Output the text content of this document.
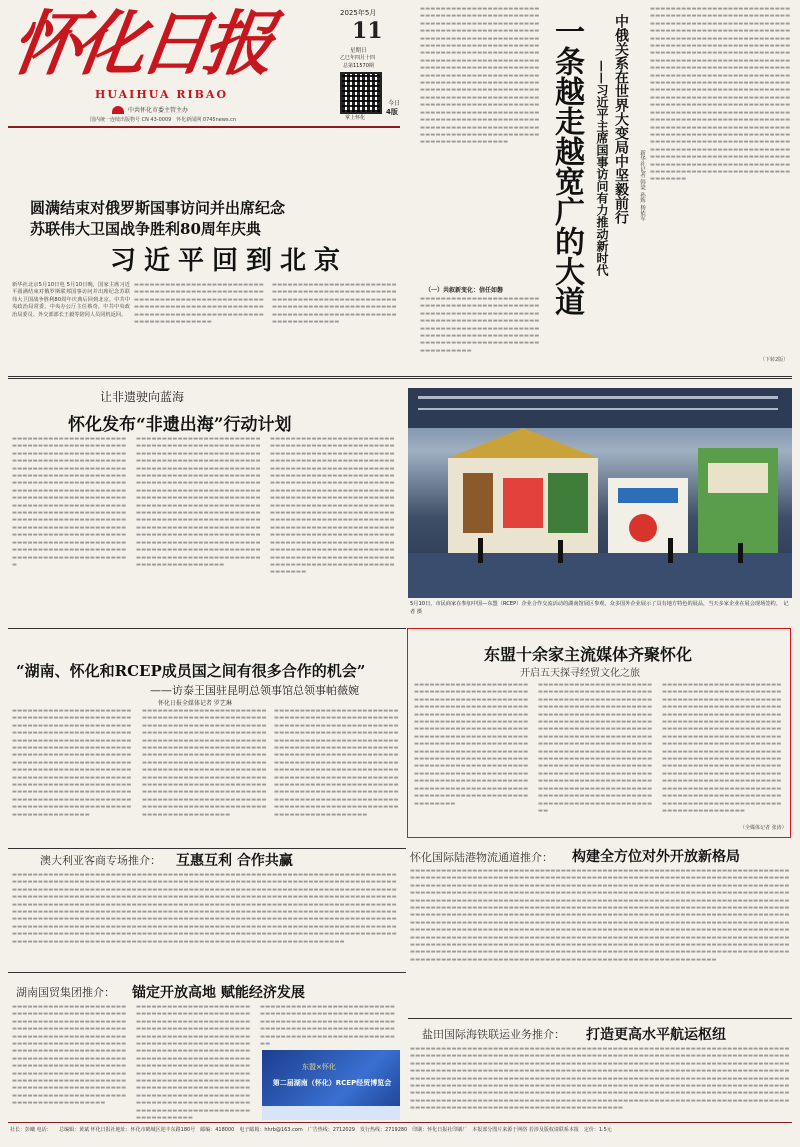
怀化日报
HUAIHUA RIBAO
中共怀化市委主管主办
国内统一连续出版物号 CN 43-0009　怀化新闻网 0745news.cn
2025年5月
11
星期日
乙巳年四月十四
总第11570期
掌上怀化
今日
4版
▬▬▬▬▬▬▬▬▬▬▬▬▬▬▬▬▬▬▬▬▬▬▬▬▬▬▬▬▬▬▬▬▬▬▬▬▬▬▬▬▬▬▬▬▬▬▬▬▬▬▬▬▬▬▬▬▬▬▬▬▬▬▬▬▬▬▬▬▬▬▬▬▬▬▬▬▬▬▬▬▬▬▬▬▬▬▬▬▬▬▬▬▬▬▬▬▬▬▬▬▬▬▬▬▬▬▬▬▬▬▬▬▬▬▬▬▬▬▬▬▬▬▬▬▬▬▬▬▬▬▬▬▬▬▬▬▬▬▬▬▬▬▬▬▬▬▬▬▬▬▬▬▬▬▬▬▬▬▬▬▬▬▬▬▬▬▬▬▬▬▬▬▬▬▬▬▬▬▬▬▬▬▬▬▬▬▬▬▬▬▬▬▬▬▬▬▬▬▬▬▬▬▬▬▬▬▬▬▬▬▬▬▬▬▬▬▬▬▬▬▬▬▬▬▬▬▬▬▬▬▬▬▬▬▬▬▬▬▬▬▬▬▬▬▬▬▬▬▬▬▬▬▬▬▬▬▬▬▬▬▬▬▬▬▬▬▬▬▬▬▬▬▬▬▬▬▬▬▬▬▬▬▬▬▬▬▬▬▬▬▬▬▬▬▬▬▬▬▬▬▬▬▬▬▬▬▬▬▬▬▬▬▬▬▬▬▬▬▬▬▬▬▬▬▬▬▬▬▬▬▬▬▬▬▬▬▬▬▬▬▬▬▬▬▬▬▬▬▬▬▬▬▬▬▬▬▬▬▬▬▬▬▬▬▬▬▬▬▬▬▬▬▬▬▬▬▬▬▬▬▬▬▬▬▬▬▬▬▬▬▬▬▬▬▬▬▬▬▬▬▬▬▬▬▬▬▬▬▬▬▬▬▬▬▬▬▬▬▬▬▬▬▬▬▬▬▬▬▬▬▬
（一）共叙新变化：信任如磐
▬▬▬▬▬▬▬▬▬▬▬▬▬▬▬▬▬▬▬▬▬▬▬▬▬▬▬▬▬▬▬▬▬▬▬▬▬▬▬▬▬▬▬▬▬▬▬▬▬▬▬▬▬▬▬▬▬▬▬▬▬▬▬▬▬▬▬▬▬▬▬▬▬▬▬▬▬▬▬▬▬▬▬▬▬▬▬▬▬▬▬▬▬▬▬▬▬▬▬▬▬▬▬▬▬▬▬▬▬▬▬▬▬▬▬▬▬▬▬▬▬▬▬▬▬▬▬▬▬▬▬▬▬▬▬▬▬▬▬▬▬▬▬▬▬▬▬▬▬▬▬▬▬▬▬▬▬▬▬▬▬▬▬▬▬▬▬▬▬▬▬
一条越走越宽广的大道 中俄关系在世界大变局中坚毅前行
——习近平主席国事访问有力推动新时代	新华社记者 韩梁 孙辉 杨依军
▬▬▬▬▬▬▬▬▬▬▬▬▬▬▬▬▬▬▬▬▬▬▬▬▬▬▬▬▬▬▬▬▬▬▬▬▬▬▬▬▬▬▬▬▬▬▬▬▬▬▬▬▬▬▬▬▬▬▬▬▬▬▬▬▬▬▬▬▬▬▬▬▬▬▬▬▬▬▬▬▬▬▬▬▬▬▬▬▬▬▬▬▬▬▬▬▬▬▬▬▬▬▬▬▬▬▬▬▬▬▬▬▬▬▬▬▬▬▬▬▬▬▬▬▬▬▬▬▬▬▬▬▬▬▬▬▬▬▬▬▬▬▬▬▬▬▬▬▬▬▬▬▬▬▬▬▬▬▬▬▬▬▬▬▬▬▬▬▬▬▬▬▬▬▬▬▬▬▬▬▬▬▬▬▬▬▬▬▬▬▬▬▬▬▬▬▬▬▬▬▬▬▬▬▬▬▬▬▬▬▬▬▬▬▬▬▬▬▬▬▬▬▬▬▬▬▬▬▬▬▬▬▬▬▬▬▬▬▬▬▬▬▬▬▬▬▬▬▬▬▬▬▬▬▬▬▬▬▬▬▬▬▬▬▬▬▬▬▬▬▬▬▬▬▬▬▬▬▬▬▬▬▬▬▬▬▬▬▬▬▬▬▬▬▬▬▬▬▬▬▬▬▬▬▬▬▬▬▬▬▬▬▬▬▬▬▬▬▬▬▬▬▬▬▬▬▬▬▬▬▬▬▬▬▬▬▬▬▬▬▬▬▬▬▬▬▬▬▬▬▬▬▬▬▬▬▬▬▬▬▬▬▬▬▬▬▬▬▬▬▬▬▬▬▬▬▬▬▬▬▬▬▬▬▬▬▬▬▬▬▬▬▬▬▬▬▬▬▬▬▬▬▬▬▬▬▬▬▬▬▬▬▬▬▬▬▬▬▬▬▬▬▬▬▬▬▬▬▬▬▬▬▬▬▬▬▬▬▬▬▬▬▬▬▬▬▬▬▬▬▬▬▬▬▬▬▬▬▬▬▬▬▬▬▬▬▬▬▬▬▬▬▬▬▬▬▬▬▬▬▬▬▬▬▬▬▬▬▬▬▬▬▬▬▬▬▬▬▬▬▬▬▬▬▬▬▬▬▬▬▬▬▬▬▬▬▬▬▬▬▬▬▬▬▬▬▬▬▬▬▬▬▬▬▬▬▬▬▬▬▬▬▬▬▬▬▬▬▬▬▬▬▬▬▬▬▬▬▬▬▬▬▬▬▬▬▬▬▬▬▬▬▬▬▬▬▬▬▬▬▬▬▬▬▬▬▬▬▬▬▬▬▬▬▬▬▬▬▬▬▬▬▬▬▬▬▬▬▬▬▬▬▬▬▬▬▬▬▬▬▬▬▬▬▬▬▬▬
（下转2版）
圆满结束对俄罗斯国事访问并出席纪念
苏联伟大卫国战争胜利80周年庆典
习近平回到北京
新华社北京5月10日电 5月10日晚，国家主席习近平圆满结束对俄罗斯联邦国事访问并出席纪念苏联伟大卫国战争胜利80周年庆典后回到北京。中共中央政治局常委、中央办公厅主任蔡奇，中共中央政治局委员、外交部部长王毅等陪同人员同机返回。
▬▬▬▬▬▬▬▬▬▬▬▬▬▬▬▬▬▬▬▬▬▬▬▬▬▬▬▬▬▬▬▬▬▬▬▬▬▬▬▬▬▬▬▬▬▬▬▬▬▬▬▬▬▬▬▬▬▬▬▬▬▬▬▬▬▬▬▬▬▬▬▬▬▬▬▬▬▬▬▬▬▬▬▬▬▬▬▬▬▬▬▬▬▬▬▬▬▬▬▬▬▬▬▬▬▬▬▬▬▬▬▬▬▬▬▬▬▬▬▬▬▬▬▬▬▬▬▬▬▬▬▬▬▬▬▬▬▬▬▬
▬▬▬▬▬▬▬▬▬▬▬▬▬▬▬▬▬▬▬▬▬▬▬▬▬▬▬▬▬▬▬▬▬▬▬▬▬▬▬▬▬▬▬▬▬▬▬▬▬▬▬▬▬▬▬▬▬▬▬▬▬▬▬▬▬▬▬▬▬▬▬▬▬▬▬▬▬▬▬▬▬▬▬▬▬▬▬▬▬▬▬▬▬▬▬▬▬▬▬▬▬▬▬▬▬▬▬▬▬▬▬▬▬▬▬▬▬▬▬▬▬▬▬▬▬▬▬▬▬▬▬▬▬
让非遗驶向蓝海
怀化发布“非遗出海”行动计划
▬▬▬▬▬▬▬▬▬▬▬▬▬▬▬▬▬▬▬▬▬▬▬▬▬▬▬▬▬▬▬▬▬▬▬▬▬▬▬▬▬▬▬▬▬▬▬▬▬▬▬▬▬▬▬▬▬▬▬▬▬▬▬▬▬▬▬▬▬▬▬▬▬▬▬▬▬▬▬▬▬▬▬▬▬▬▬▬▬▬▬▬▬▬▬▬▬▬▬▬▬▬▬▬▬▬▬▬▬▬▬▬▬▬▬▬▬▬▬▬▬▬▬▬▬▬▬▬▬▬▬▬▬▬▬▬▬▬▬▬▬▬▬▬▬▬▬▬▬▬▬▬▬▬▬▬▬▬▬▬▬▬▬▬▬▬▬▬▬▬▬▬▬▬▬▬▬▬▬▬▬▬▬▬▬▬▬▬▬▬▬▬▬▬▬▬▬▬▬▬▬▬▬▬▬▬▬▬▬▬▬▬▬▬▬▬▬▬▬▬▬▬▬▬▬▬▬▬▬▬▬▬▬▬▬▬▬▬▬▬▬▬▬▬▬▬▬▬▬▬▬▬▬▬▬▬▬▬▬▬▬▬▬▬▬▬▬▬▬▬▬▬▬▬▬▬▬▬▬▬▬▬▬▬▬▬▬▬▬▬▬▬▬▬▬▬▬▬▬▬▬▬▬▬▬▬▬▬▬▬▬▬▬▬▬▬▬▬▬▬▬▬▬▬▬▬▬▬▬▬▬▬▬▬▬▬▬▬▬▬▬▬▬▬▬▬▬▬▬▬▬▬▬▬▬▬▬▬▬▬▬▬▬▬▬▬▬▬▬▬▬▬▬▬▬
▬▬▬▬▬▬▬▬▬▬▬▬▬▬▬▬▬▬▬▬▬▬▬▬▬▬▬▬▬▬▬▬▬▬▬▬▬▬▬▬▬▬▬▬▬▬▬▬▬▬▬▬▬▬▬▬▬▬▬▬▬▬▬▬▬▬▬▬▬▬▬▬▬▬▬▬▬▬▬▬▬▬▬▬▬▬▬▬▬▬▬▬▬▬▬▬▬▬▬▬▬▬▬▬▬▬▬▬▬▬▬▬▬▬▬▬▬▬▬▬▬▬▬▬▬▬▬▬▬▬▬▬▬▬▬▬▬▬▬▬▬▬▬▬▬▬▬▬▬▬▬▬▬▬▬▬▬▬▬▬▬▬▬▬▬▬▬▬▬▬▬▬▬▬▬▬▬▬▬▬▬▬▬▬▬▬▬▬▬▬▬▬▬▬▬▬▬▬▬▬▬▬▬▬▬▬▬▬▬▬▬▬▬▬▬▬▬▬▬▬▬▬▬▬▬▬▬▬▬▬▬▬▬▬▬▬▬▬▬▬▬▬▬▬▬▬▬▬▬▬▬▬▬▬▬▬▬▬▬▬▬▬▬▬▬▬▬▬▬▬▬▬▬▬▬▬▬▬▬▬▬▬▬▬▬▬▬▬▬▬▬▬▬▬▬▬▬▬▬▬▬▬▬▬▬▬▬▬▬▬▬▬▬▬▬▬▬▬▬▬▬▬▬▬▬▬▬▬▬▬▬▬▬▬▬▬▬▬▬▬▬▬▬▬▬▬▬▬▬▬▬▬▬▬▬▬▬▬▬▬▬▬▬▬▬▬▬▬▬▬▬▬▬▬▬▬▬▬▬▬▬▬▬▬▬▬▬▬▬▬▬▬▬▬▬▬▬▬▬▬▬▬▬▬▬▬▬▬▬▬▬▬▬▬▬▬▬▬▬▬▬▬▬▬▬
▬▬▬▬▬▬▬▬▬▬▬▬▬▬▬▬▬▬▬▬▬▬▬▬▬▬▬▬▬▬▬▬▬▬▬▬▬▬▬▬▬▬▬▬▬▬▬▬▬▬▬▬▬▬▬▬▬▬▬▬▬▬▬▬▬▬▬▬▬▬▬▬▬▬▬▬▬▬▬▬▬▬▬▬▬▬▬▬▬▬▬▬▬▬▬▬▬▬▬▬▬▬▬▬▬▬▬▬▬▬▬▬▬▬▬▬▬▬▬▬▬▬▬▬▬▬▬▬▬▬▬▬▬▬▬▬▬▬▬▬▬▬▬▬▬▬▬▬▬▬▬▬▬▬▬▬▬▬▬▬▬▬▬▬▬▬▬▬▬▬▬▬▬▬▬▬▬▬▬▬▬▬▬▬▬▬▬▬▬▬▬▬▬▬▬▬▬▬▬▬▬▬▬▬▬▬▬▬▬▬▬▬▬▬▬▬▬▬▬▬▬▬▬▬▬▬▬▬▬▬▬▬▬▬▬▬▬▬▬▬▬▬▬▬▬▬▬▬▬▬▬▬▬▬▬▬▬▬▬▬▬▬▬▬▬▬▬▬▬▬▬▬▬▬▬▬▬▬▬▬▬▬▬▬▬▬▬▬▬▬▬▬▬▬▬▬▬▬▬▬▬▬▬▬▬▬▬▬▬▬▬▬▬▬▬▬▬▬▬▬▬▬▬▬▬▬▬▬▬▬▬▬▬▬▬▬▬▬▬▬▬▬▬▬▬▬▬▬▬▬▬▬▬▬▬▬▬▬▬▬▬▬▬▬▬▬▬▬▬▬▬▬▬▬▬▬▬▬▬▬▬▬▬▬▬▬▬▬▬▬▬▬▬▬▬▬▬▬▬▬▬▬▬▬▬▬▬▬▬▬▬▬▬▬▬▬▬▬▬▬▬▬▬▬▬▬▬▬▬▬▬▬▬▬▬▬▬▬▬
5月10日，市民商家在参加中国—东盟（RCEP）企业合作交流活动的湖南馆展区参观，众多国外企业展示了具有地方特色的展品，当天多家企业在展会现场签约。　记者 摄
“湖南、怀化和RCEP成员国之间有很多合作的机会”
——访泰王国驻昆明总领事馆总领事帕薇婉
怀化日报全媒体记者 罗艺琳
▬▬▬▬▬▬▬▬▬▬▬▬▬▬▬▬▬▬▬▬▬▬▬▬▬▬▬▬▬▬▬▬▬▬▬▬▬▬▬▬▬▬▬▬▬▬▬▬▬▬▬▬▬▬▬▬▬▬▬▬▬▬▬▬▬▬▬▬▬▬▬▬▬▬▬▬▬▬▬▬▬▬▬▬▬▬▬▬▬▬▬▬▬▬▬▬▬▬▬▬▬▬▬▬▬▬▬▬▬▬▬▬▬▬▬▬▬▬▬▬▬▬▬▬▬▬▬▬▬▬▬▬▬▬▬▬▬▬▬▬▬▬▬▬▬▬▬▬▬▬▬▬▬▬▬▬▬▬▬▬▬▬▬▬▬▬▬▬▬▬▬▬▬▬▬▬▬▬▬▬▬▬▬▬▬▬▬▬▬▬▬▬▬▬▬▬▬▬▬▬▬▬▬▬▬▬▬▬▬▬▬▬▬▬▬▬▬▬▬▬▬▬▬▬▬▬▬▬▬▬▬▬▬▬▬▬▬▬▬▬▬▬▬▬▬▬▬▬▬▬▬▬▬▬▬▬▬▬▬▬▬▬▬▬▬▬▬▬▬▬▬▬▬▬▬▬▬▬▬▬▬▬▬▬▬▬▬▬▬▬▬▬▬▬▬▬▬▬▬▬▬▬▬▬▬▬▬▬▬▬▬▬▬▬▬▬▬▬▬▬▬▬▬▬▬▬▬▬▬▬▬▬▬▬▬▬▬
▬▬▬▬▬▬▬▬▬▬▬▬▬▬▬▬▬▬▬▬▬▬▬▬▬▬▬▬▬▬▬▬▬▬▬▬▬▬▬▬▬▬▬▬▬▬▬▬▬▬▬▬▬▬▬▬▬▬▬▬▬▬▬▬▬▬▬▬▬▬▬▬▬▬▬▬▬▬▬▬▬▬▬▬▬▬▬▬▬▬▬▬▬▬▬▬▬▬▬▬▬▬▬▬▬▬▬▬▬▬▬▬▬▬▬▬▬▬▬▬▬▬▬▬▬▬▬▬▬▬▬▬▬▬▬▬▬▬▬▬▬▬▬▬▬▬▬▬▬▬▬▬▬▬▬▬▬▬▬▬▬▬▬▬▬▬▬▬▬▬▬▬▬▬▬▬▬▬▬▬▬▬▬▬▬▬▬▬▬▬▬▬▬▬▬▬▬▬▬▬▬▬▬▬▬▬▬▬▬▬▬▬▬▬▬▬▬▬▬▬▬▬▬▬▬▬▬▬▬▬▬▬▬▬▬▬▬▬▬▬▬▬▬▬▬▬▬▬▬▬▬▬▬▬▬▬▬▬▬▬▬▬▬▬▬▬▬▬▬▬▬▬▬▬▬▬▬▬▬▬▬▬▬▬▬▬▬▬▬▬▬▬▬▬▬▬▬▬▬▬▬▬▬▬▬▬▬▬▬▬▬▬▬▬▬▬▬▬▬▬▬▬▬▬▬▬▬▬▬▬▬▬▬▬▬▬▬▬▬▬▬▬▬▬▬▬▬▬▬▬▬▬▬
▬▬▬▬▬▬▬▬▬▬▬▬▬▬▬▬▬▬▬▬▬▬▬▬▬▬▬▬▬▬▬▬▬▬▬▬▬▬▬▬▬▬▬▬▬▬▬▬▬▬▬▬▬▬▬▬▬▬▬▬▬▬▬▬▬▬▬▬▬▬▬▬▬▬▬▬▬▬▬▬▬▬▬▬▬▬▬▬▬▬▬▬▬▬▬▬▬▬▬▬▬▬▬▬▬▬▬▬▬▬▬▬▬▬▬▬▬▬▬▬▬▬▬▬▬▬▬▬▬▬▬▬▬▬▬▬▬▬▬▬▬▬▬▬▬▬▬▬▬▬▬▬▬▬▬▬▬▬▬▬▬▬▬▬▬▬▬▬▬▬▬▬▬▬▬▬▬▬▬▬▬▬▬▬▬▬▬▬▬▬▬▬▬▬▬▬▬▬▬▬▬▬▬▬▬▬▬▬▬▬▬▬▬▬▬▬▬▬▬▬▬▬▬▬▬▬▬▬▬▬▬▬▬▬▬▬▬▬▬▬▬▬▬▬▬▬▬▬▬▬▬▬▬▬▬▬▬▬▬▬▬▬▬▬▬▬▬▬▬▬▬▬▬▬▬▬▬▬▬▬▬▬▬▬▬▬▬▬▬▬▬▬▬▬▬▬▬▬▬▬▬▬▬▬▬▬▬▬▬▬▬▬▬▬▬▬▬▬▬▬▬▬▬▬▬▬▬▬▬▬▬▬▬▬▬▬▬▬▬▬▬▬▬▬▬▬▬▬▬▬▬▬▬▬
东盟十余家主流媒体齐聚怀化
开启五天探寻经贸文化之旅
▬▬▬▬▬▬▬▬▬▬▬▬▬▬▬▬▬▬▬▬▬▬▬▬▬▬▬▬▬▬▬▬▬▬▬▬▬▬▬▬▬▬▬▬▬▬▬▬▬▬▬▬▬▬▬▬▬▬▬▬▬▬▬▬▬▬▬▬▬▬▬▬▬▬▬▬▬▬▬▬▬▬▬▬▬▬▬▬▬▬▬▬▬▬▬▬▬▬▬▬▬▬▬▬▬▬▬▬▬▬▬▬▬▬▬▬▬▬▬▬▬▬▬▬▬▬▬▬▬▬▬▬▬▬▬▬▬▬▬▬▬▬▬▬▬▬▬▬▬▬▬▬▬▬▬▬▬▬▬▬▬▬▬▬▬▬▬▬▬▬▬▬▬▬▬▬▬▬▬▬▬▬▬▬▬▬▬▬▬▬▬▬▬▬▬▬▬▬▬▬▬▬▬▬▬▬▬▬▬▬▬▬▬▬▬▬▬▬▬▬▬▬▬▬▬▬▬▬▬▬▬▬▬▬▬▬▬▬▬▬▬▬▬▬▬▬▬▬▬▬▬▬▬▬▬▬▬▬▬▬▬▬▬▬▬▬▬▬▬▬▬▬▬▬▬▬▬▬▬▬▬▬▬▬▬▬▬▬▬▬▬▬▬▬▬▬▬▬▬▬▬▬▬▬▬▬▬▬▬▬▬▬▬▬▬▬▬▬▬▬▬▬▬▬▬▬▬▬▬▬▬▬▬▬▬▬▬▬▬▬▬▬▬▬▬▬▬▬▬▬▬▬▬▬▬▬▬▬▬▬
▬▬▬▬▬▬▬▬▬▬▬▬▬▬▬▬▬▬▬▬▬▬▬▬▬▬▬▬▬▬▬▬▬▬▬▬▬▬▬▬▬▬▬▬▬▬▬▬▬▬▬▬▬▬▬▬▬▬▬▬▬▬▬▬▬▬▬▬▬▬▬▬▬▬▬▬▬▬▬▬▬▬▬▬▬▬▬▬▬▬▬▬▬▬▬▬▬▬▬▬▬▬▬▬▬▬▬▬▬▬▬▬▬▬▬▬▬▬▬▬▬▬▬▬▬▬▬▬▬▬▬▬▬▬▬▬▬▬▬▬▬▬▬▬▬▬▬▬▬▬▬▬▬▬▬▬▬▬▬▬▬▬▬▬▬▬▬▬▬▬▬▬▬▬▬▬▬▬▬▬▬▬▬▬▬▬▬▬▬▬▬▬▬▬▬▬▬▬▬▬▬▬▬▬▬▬▬▬▬▬▬▬▬▬▬▬▬▬▬▬▬▬▬▬▬▬▬▬▬▬▬▬▬▬▬▬▬▬▬▬▬▬▬▬▬▬▬▬▬▬▬▬▬▬▬▬▬▬▬▬▬▬▬▬▬▬▬▬▬▬▬▬▬▬▬▬▬▬▬▬▬▬▬▬▬▬▬▬▬▬▬▬▬▬▬▬▬▬▬▬▬▬▬▬▬▬▬▬▬▬▬▬▬▬▬▬▬▬▬▬▬▬▬▬▬▬▬▬▬▬▬▬▬▬▬▬▬▬▬▬▬▬▬▬▬▬▬▬▬▬▬▬▬▬▬▬▬▬▬▬▬▬▬▬▬▬▬▬▬▬▬▬▬▬▬▬
▬▬▬▬▬▬▬▬▬▬▬▬▬▬▬▬▬▬▬▬▬▬▬▬▬▬▬▬▬▬▬▬▬▬▬▬▬▬▬▬▬▬▬▬▬▬▬▬▬▬▬▬▬▬▬▬▬▬▬▬▬▬▬▬▬▬▬▬▬▬▬▬▬▬▬▬▬▬▬▬▬▬▬▬▬▬▬▬▬▬▬▬▬▬▬▬▬▬▬▬▬▬▬▬▬▬▬▬▬▬▬▬▬▬▬▬▬▬▬▬▬▬▬▬▬▬▬▬▬▬▬▬▬▬▬▬▬▬▬▬▬▬▬▬▬▬▬▬▬▬▬▬▬▬▬▬▬▬▬▬▬▬▬▬▬▬▬▬▬▬▬▬▬▬▬▬▬▬▬▬▬▬▬▬▬▬▬▬▬▬▬▬▬▬▬▬▬▬▬▬▬▬▬▬▬▬▬▬▬▬▬▬▬▬▬▬▬▬▬▬▬▬▬▬▬▬▬▬▬▬▬▬▬▬▬▬▬▬▬▬▬▬▬▬▬▬▬▬▬▬▬▬▬▬▬▬▬▬▬▬▬▬▬▬▬▬▬▬▬▬▬▬▬▬▬▬▬▬▬▬▬▬▬▬▬▬▬▬▬▬▬▬▬▬▬▬▬▬▬▬▬▬▬▬▬▬▬▬▬▬▬▬▬▬▬▬▬▬▬▬▬▬▬▬▬▬▬▬▬▬▬▬▬▬▬▬▬▬▬▬▬▬▬▬▬▬▬▬▬▬▬▬▬▬▬▬▬▬▬▬▬▬▬▬▬▬▬▬▬▬▬▬▬▬▬▬▬▬▬▬▬▬▬▬▬▬▬▬▬▬▬▬▬▬▬▬▬▬▬▬▬▬▬▬▬▬▬
（全媒体记者 张涛）
怀化国际陆港物流通道推介： 构建全方位对外开放新格局
▬▬▬▬▬▬▬▬▬▬▬▬▬▬▬▬▬▬▬▬▬▬▬▬▬▬▬▬▬▬▬▬▬▬▬▬▬▬▬▬▬▬▬▬▬▬▬▬▬▬▬▬▬▬▬▬▬▬▬▬▬▬▬▬▬▬▬▬▬▬▬▬▬▬▬▬▬▬▬▬▬▬▬▬▬▬▬▬▬▬▬▬▬▬▬▬▬▬▬▬▬▬▬▬▬▬▬▬▬▬▬▬▬▬▬▬▬▬▬▬▬▬▬▬▬▬▬▬▬▬▬▬▬▬▬▬▬▬▬▬▬▬▬▬▬▬▬▬▬▬▬▬▬▬▬▬▬▬▬▬▬▬▬▬▬▬▬▬▬▬▬▬▬▬▬▬▬▬▬▬▬▬▬▬▬▬▬▬▬▬▬▬▬▬▬▬▬▬▬▬▬▬▬▬▬▬▬▬▬▬▬▬▬▬▬▬▬▬▬▬▬▬▬▬▬▬▬▬▬▬▬▬▬▬▬▬▬▬▬▬▬▬▬▬▬▬▬▬▬▬▬▬▬▬▬▬▬▬▬▬▬▬▬▬▬▬▬▬▬▬▬▬▬▬▬▬▬▬▬▬▬▬▬▬▬▬▬▬▬▬▬▬▬▬▬▬▬▬▬▬▬▬▬▬▬▬▬▬▬▬▬▬▬▬▬▬▬▬▬▬▬▬▬▬▬▬▬▬▬▬▬▬▬▬▬▬▬▬▬▬▬▬▬▬▬▬▬▬▬▬▬▬▬▬▬▬▬▬▬▬▬▬▬▬▬▬▬▬▬▬▬▬▬▬▬▬▬▬▬▬▬▬▬▬▬▬▬▬▬▬▬▬▬▬▬▬▬▬▬▬▬▬▬▬▬▬▬▬▬▬▬▬▬▬▬▬▬▬▬▬▬▬▬▬▬▬▬▬▬▬▬▬▬▬▬▬▬▬▬▬▬▬▬▬▬▬▬▬▬▬▬▬▬▬▬▬▬▬▬▬▬▬▬▬▬▬▬▬▬▬▬▬▬▬▬▬▬▬▬▬▬▬▬▬▬▬▬▬▬▬▬▬▬▬▬▬▬▬▬▬▬▬▬▬▬▬▬▬▬▬▬▬▬▬▬▬▬▬▬▬▬▬▬▬▬▬▬▬▬▬▬▬▬▬▬▬▬▬▬▬▬▬▬▬▬▬▬▬▬▬▬▬▬▬▬▬▬▬▬▬▬▬▬▬▬▬▬▬▬▬▬▬▬▬▬▬▬▬▬▬▬▬▬▬▬▬▬▬▬▬▬▬▬▬▬▬▬▬▬▬▬▬▬▬▬▬▬▬▬▬▬▬▬▬▬▬▬▬▬▬▬▬▬▬▬▬▬▬▬▬▬▬▬▬▬▬▬▬▬▬▬▬▬▬▬▬▬▬▬▬▬▬▬▬▬▬▬▬▬▬▬▬▬▬▬▬▬▬▬▬▬▬▬▬▬▬▬▬▬▬▬▬▬▬▬▬▬▬▬▬▬▬▬▬▬▬▬▬▬▬▬▬▬▬▬▬▬▬▬▬▬▬▬▬▬▬▬▬▬▬▬▬▬▬▬▬▬▬▬▬▬▬▬▬▬▬▬▬▬▬▬▬▬▬▬▬▬▬▬▬▬▬▬▬▬▬▬▬▬▬▬▬▬▬▬▬▬▬▬▬▬▬▬▬▬▬▬▬▬▬▬▬▬▬▬▬▬▬▬▬▬▬▬▬▬▬▬▬▬▬▬▬▬▬▬▬▬▬▬▬▬▬▬▬▬▬▬▬▬▬▬▬▬▬▬▬▬▬▬▬▬▬▬▬▬▬▬▬▬▬▬▬▬▬▬▬▬▬▬▬▬▬▬▬▬▬▬▬▬▬▬▬▬▬▬▬▬▬▬▬▬▬▬▬▬▬▬▬▬▬▬▬▬▬▬▬▬▬▬▬▬▬▬▬▬▬▬▬▬▬▬▬▬▬▬▬▬▬▬▬▬▬▬▬▬▬▬▬▬▬▬▬▬▬▬▬▬▬▬▬▬▬▬▬▬
澳大利亚客商专场推介： 互惠互利 合作共赢
▬▬▬▬▬▬▬▬▬▬▬▬▬▬▬▬▬▬▬▬▬▬▬▬▬▬▬▬▬▬▬▬▬▬▬▬▬▬▬▬▬▬▬▬▬▬▬▬▬▬▬▬▬▬▬▬▬▬▬▬▬▬▬▬▬▬▬▬▬▬▬▬▬▬▬▬▬▬▬▬▬▬▬▬▬▬▬▬▬▬▬▬▬▬▬▬▬▬▬▬▬▬▬▬▬▬▬▬▬▬▬▬▬▬▬▬▬▬▬▬▬▬▬▬▬▬▬▬▬▬▬▬▬▬▬▬▬▬▬▬▬▬▬▬▬▬▬▬▬▬▬▬▬▬▬▬▬▬▬▬▬▬▬▬▬▬▬▬▬▬▬▬▬▬▬▬▬▬▬▬▬▬▬▬▬▬▬▬▬▬▬▬▬▬▬▬▬▬▬▬▬▬▬▬▬▬▬▬▬▬▬▬▬▬▬▬▬▬▬▬▬▬▬▬▬▬▬▬▬▬▬▬▬▬▬▬▬▬▬▬▬▬▬▬▬▬▬▬▬▬▬▬▬▬▬▬▬▬▬▬▬▬▬▬▬▬▬▬▬▬▬▬▬▬▬▬▬▬▬▬▬▬▬▬▬▬▬▬▬▬▬▬▬▬▬▬▬▬▬▬▬▬▬▬▬▬▬▬▬▬▬▬▬▬▬▬▬▬▬▬▬▬▬▬▬▬▬▬▬▬▬▬▬▬▬▬▬▬▬▬▬▬▬▬▬▬▬▬▬▬▬▬▬▬▬▬▬▬▬▬▬▬▬▬▬▬▬▬▬▬▬▬▬▬▬▬▬▬▬▬▬▬▬▬▬▬▬▬▬▬▬▬▬▬▬▬▬▬▬▬▬▬▬▬▬▬▬▬▬▬▬▬▬▬▬▬▬▬▬▬▬▬▬▬▬▬▬▬▬▬▬▬▬▬▬▬▬▬▬▬▬▬▬▬▬▬▬▬▬▬▬▬▬▬▬▬▬▬▬▬▬▬▬▬▬▬▬▬▬▬▬▬▬▬▬▬▬▬▬▬▬▬▬▬▬▬▬▬▬▬▬▬▬▬▬▬▬▬▬▬▬▬▬▬▬▬▬▬▬▬▬▬▬▬▬▬▬▬▬▬▬▬▬▬▬▬▬▬▬▬▬▬▬▬▬▬▬▬▬▬▬▬▬▬▬▬▬▬▬▬▬▬▬▬▬▬▬▬▬▬▬▬▬▬▬▬▬▬▬▬▬▬▬▬▬▬▬▬▬▬▬▬▬▬▬▬▬▬▬▬▬▬▬▬▬▬▬▬▬▬▬▬▬▬▬▬▬▬▬▬▬▬▬▬▬▬▬▬▬▬▬▬▬▬▬▬▬▬▬▬▬▬▬▬▬▬▬▬▬▬▬▬▬▬▬▬▬▬▬▬▬▬▬▬▬▬▬▬▬▬▬▬▬▬▬▬▬▬▬▬▬▬▬▬▬▬▬▬▬▬▬▬▬▬▬▬▬▬▬▬▬▬▬▬▬▬▬▬▬▬▬▬▬▬▬▬▬▬▬▬▬▬▬▬▬▬▬▬▬▬▬▬▬▬▬▬▬▬▬▬
湖南国贸集团推介： 锚定开放高地 赋能经济发展
▬▬▬▬▬▬▬▬▬▬▬▬▬▬▬▬▬▬▬▬▬▬▬▬▬▬▬▬▬▬▬▬▬▬▬▬▬▬▬▬▬▬▬▬▬▬▬▬▬▬▬▬▬▬▬▬▬▬▬▬▬▬▬▬▬▬▬▬▬▬▬▬▬▬▬▬▬▬▬▬▬▬▬▬▬▬▬▬▬▬▬▬▬▬▬▬▬▬▬▬▬▬▬▬▬▬▬▬▬▬▬▬▬▬▬▬▬▬▬▬▬▬▬▬▬▬▬▬▬▬▬▬▬▬▬▬▬▬▬▬▬▬▬▬▬▬▬▬▬▬▬▬▬▬▬▬▬▬▬▬▬▬▬▬▬▬▬▬▬▬▬▬▬▬▬▬▬▬▬▬▬▬▬▬▬▬▬▬▬▬▬▬▬▬▬▬▬▬▬▬▬▬▬▬▬▬▬▬▬▬▬▬▬▬▬▬▬▬▬▬▬▬▬▬▬▬▬▬▬▬▬▬▬▬▬▬▬▬▬▬▬▬▬▬▬▬▬▬▬▬▬▬▬▬▬▬▬▬▬▬▬▬▬▬▬▬▬▬▬▬▬▬▬▬▬▬▬▬▬▬▬▬▬▬▬▬▬▬▬▬▬▬▬▬▬▬▬▬▬▬▬▬▬▬
▬▬▬▬▬▬▬▬▬▬▬▬▬▬▬▬▬▬▬▬▬▬▬▬▬▬▬▬▬▬▬▬▬▬▬▬▬▬▬▬▬▬▬▬▬▬▬▬▬▬▬▬▬▬▬▬▬▬▬▬▬▬▬▬▬▬▬▬▬▬▬▬▬▬▬▬▬▬▬▬▬▬▬▬▬▬▬▬▬▬▬▬▬▬▬▬▬▬▬▬▬▬▬▬▬▬▬▬▬▬▬▬▬▬▬▬▬▬▬▬▬▬▬▬▬▬▬▬▬▬▬▬▬▬▬▬▬▬▬▬▬▬▬▬▬▬▬▬▬▬▬▬▬▬▬▬▬▬▬▬▬▬▬▬▬▬▬▬▬▬▬▬▬▬▬▬▬▬▬▬▬▬▬▬▬▬▬▬▬▬▬▬▬▬▬▬▬▬▬▬▬▬▬▬▬▬▬▬▬▬▬▬▬▬▬▬▬▬▬▬▬▬▬▬▬▬▬▬▬▬▬▬▬▬▬▬▬▬▬▬▬▬▬▬▬▬▬▬▬▬▬▬▬▬▬▬▬▬▬▬▬▬▬▬▬▬▬▬▬▬▬▬▬▬▬▬▬▬▬▬▬▬▬▬▬▬▬▬▬▬▬▬▬▬▬▬▬▬▬▬▬▬▬▬▬▬▬▬▬▬▬▬▬▬▬▬▬▬▬▬▬▬▬▬▬▬▬▬▬▬▬▬▬▬▬▬▬▬▬▬▬
▬▬▬▬▬▬▬▬▬▬▬▬▬▬▬▬▬▬▬▬▬▬▬▬▬▬▬▬▬▬▬▬▬▬▬▬▬▬▬▬▬▬▬▬▬▬▬▬▬▬▬▬▬▬▬▬▬▬▬▬▬▬▬▬▬▬▬▬▬▬▬▬▬▬▬▬▬▬▬▬▬▬▬▬▬▬▬▬▬▬▬▬▬▬▬▬▬▬▬▬▬▬▬▬▬▬▬▬▬▬▬▬▬▬▬▬▬▬▬▬▬▬▬▬▬▬▬▬▬▬▬▬
东盟×怀化
第二届湖南（怀化）RCEP经贸博览会
盐田国际海铁联运业务推介： 打造更高水平航运枢纽
▬▬▬▬▬▬▬▬▬▬▬▬▬▬▬▬▬▬▬▬▬▬▬▬▬▬▬▬▬▬▬▬▬▬▬▬▬▬▬▬▬▬▬▬▬▬▬▬▬▬▬▬▬▬▬▬▬▬▬▬▬▬▬▬▬▬▬▬▬▬▬▬▬▬▬▬▬▬▬▬▬▬▬▬▬▬▬▬▬▬▬▬▬▬▬▬▬▬▬▬▬▬▬▬▬▬▬▬▬▬▬▬▬▬▬▬▬▬▬▬▬▬▬▬▬▬▬▬▬▬▬▬▬▬▬▬▬▬▬▬▬▬▬▬▬▬▬▬▬▬▬▬▬▬▬▬▬▬▬▬▬▬▬▬▬▬▬▬▬▬▬▬▬▬▬▬▬▬▬▬▬▬▬▬▬▬▬▬▬▬▬▬▬▬▬▬▬▬▬▬▬▬▬▬▬▬▬▬▬▬▬▬▬▬▬▬▬▬▬▬▬▬▬▬▬▬▬▬▬▬▬▬▬▬▬▬▬▬▬▬▬▬▬▬▬▬▬▬▬▬▬▬▬▬▬▬▬▬▬▬▬▬▬▬▬▬▬▬▬▬▬▬▬▬▬▬▬▬▬▬▬▬▬▬▬▬▬▬▬▬▬▬▬▬▬▬▬▬▬▬▬▬▬▬▬▬▬▬▬▬▬▬▬▬▬▬▬▬▬▬▬▬▬▬▬▬▬▬▬▬▬▬▬▬▬▬▬▬▬▬▬▬▬▬▬▬▬▬▬▬▬▬▬▬▬▬▬▬▬▬▬▬▬▬▬▬▬▬▬▬▬▬▬▬▬▬▬▬▬▬▬▬▬▬▬▬▬▬▬▬▬▬▬▬▬▬▬▬▬▬▬▬▬▬▬▬▬▬▬▬▬▬▬▬▬▬▬▬▬▬▬▬▬▬▬▬▬▬▬▬▬▬▬▬▬▬▬▬▬▬▬▬▬▬▬▬▬▬▬▬▬▬▬▬▬▬▬▬▬▬▬▬▬▬▬▬▬▬▬▬▬▬▬▬▬▬▬▬▬▬▬▬▬▬▬▬▬▬▬▬▬▬▬▬▬▬▬▬▬▬▬▬▬▬▬▬▬▬▬▬▬▬▬▬▬▬▬▬▬▬▬▬▬▬▬▬▬▬▬▬▬▬▬▬▬▬▬▬▬▬▬▬▬▬▬▬▬▬▬▬▬▬▬▬▬▬▬▬▬▬▬▬▬▬▬▬▬▬▬▬▬▬▬▬▬▬▬▬▬▬▬▬▬▬▬▬▬▬▬▬▬▬▬▬▬▬▬▬▬▬▬▬▬▬▬▬▬▬▬▬▬▬▬▬▬▬▬▬▬▬▬▬▬▬▬
社长：彭曦 电话：　　总编辑：黄斌 怀化日报社地址：怀化市鹤城区迎丰东路180号　邮编：418000　电子邮箱：hhrb@163.com　广告热线：2712029　发行热线：2719280　印刷：怀化日报社印刷厂　本报部分图片来源于网络 若涉及版权请联系本报　定价：1.5元
